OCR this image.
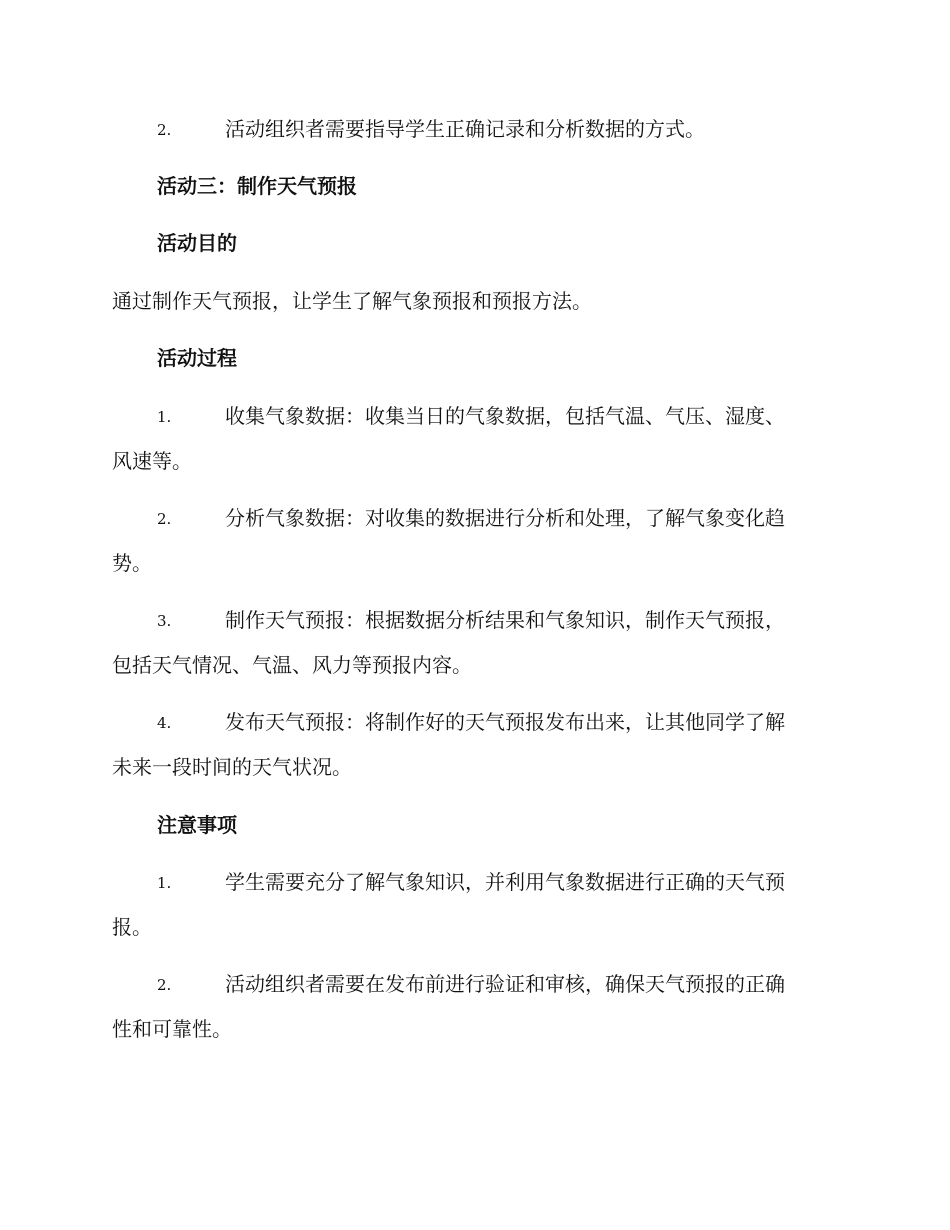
2.	活动组织者需要指导学生正确记录和分析数据的方式。
活动三：制作天气预报
活动目的
通过制作天气预报，让学生了解气象预报和预报方法。
活动过程
1.	收集气象数据：收集当日的气象数据，包括气温、气压、湿度、
风速等。
2.	分析气象数据：对收集的数据进行分析和处理，了解气象变化趋
势。
3.	制作天气预报：根据数据分析结果和气象知识，制作天气预报，
包括天气情况、气温、风力等预报内容。
4.	发布天气预报：将制作好的天气预报发布出来，让其他同学了解
未来一段时间的天气状况。
注意事项
1.	学生需要充分了解气象知识，并利用气象数据进行正确的天气预
报。
2.	活动组织者需要在发布前进行验证和审核，确保天气预报的正确
性和可靠性。
